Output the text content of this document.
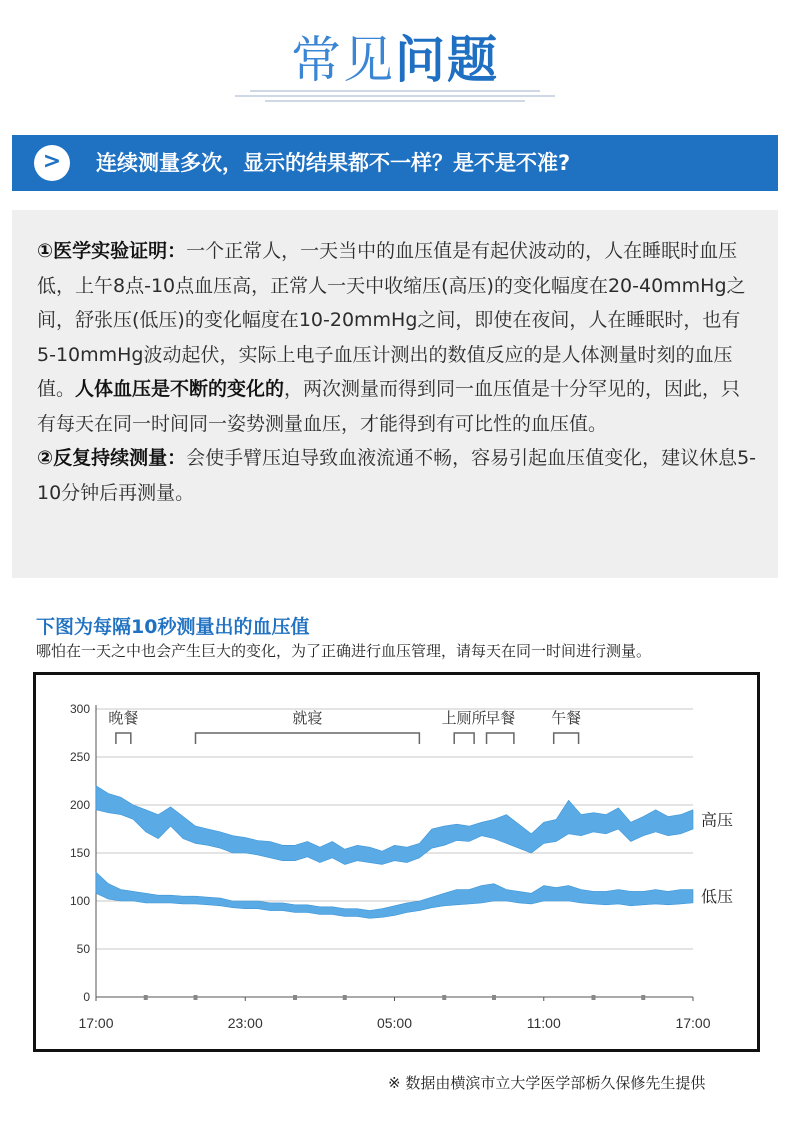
常见问题
>	连续测量多次，显示的结果都不一样？是不是不准?
①医学实验证明：一个正常人，一天当中的血压值是有起伏波动的，人在睡眠时血压低，上午8点-10点血压高，正常人一天中收缩压(高压)的变化幅度在20-40mmHg之间，舒张压(低压)的变化幅度在10-20mmHg之间，即使在夜间，人在睡眠时，也有5-10mmHg波动起伏，实际上电子血压计测出的数值反应的是人体测量时刻的血压值。人体血压是不断的变化的，两次测量而得到同一血压值是十分罕见的，因此，只有每天在同一时间同一姿势测量血压，才能得到有可比性的血压值。
②反复持续测量：会使手臂压迫导致血液流通不畅，容易引起血压值变化，建议休息5-10分钟后再测量。
下图为每隔10秒测量出的血压值
哪怕在一天之中也会产生巨大的变化，为了正确进行血压管理，请每天在同一时间进行测量。
0
50
100
150
200
250
300
17:00	23:00	05:00	11:00	17:00
晚餐	就寝	上厕所
早餐 午餐
高压
低压
※ 数据由横滨市立大学医学部栃久保修先生提供
